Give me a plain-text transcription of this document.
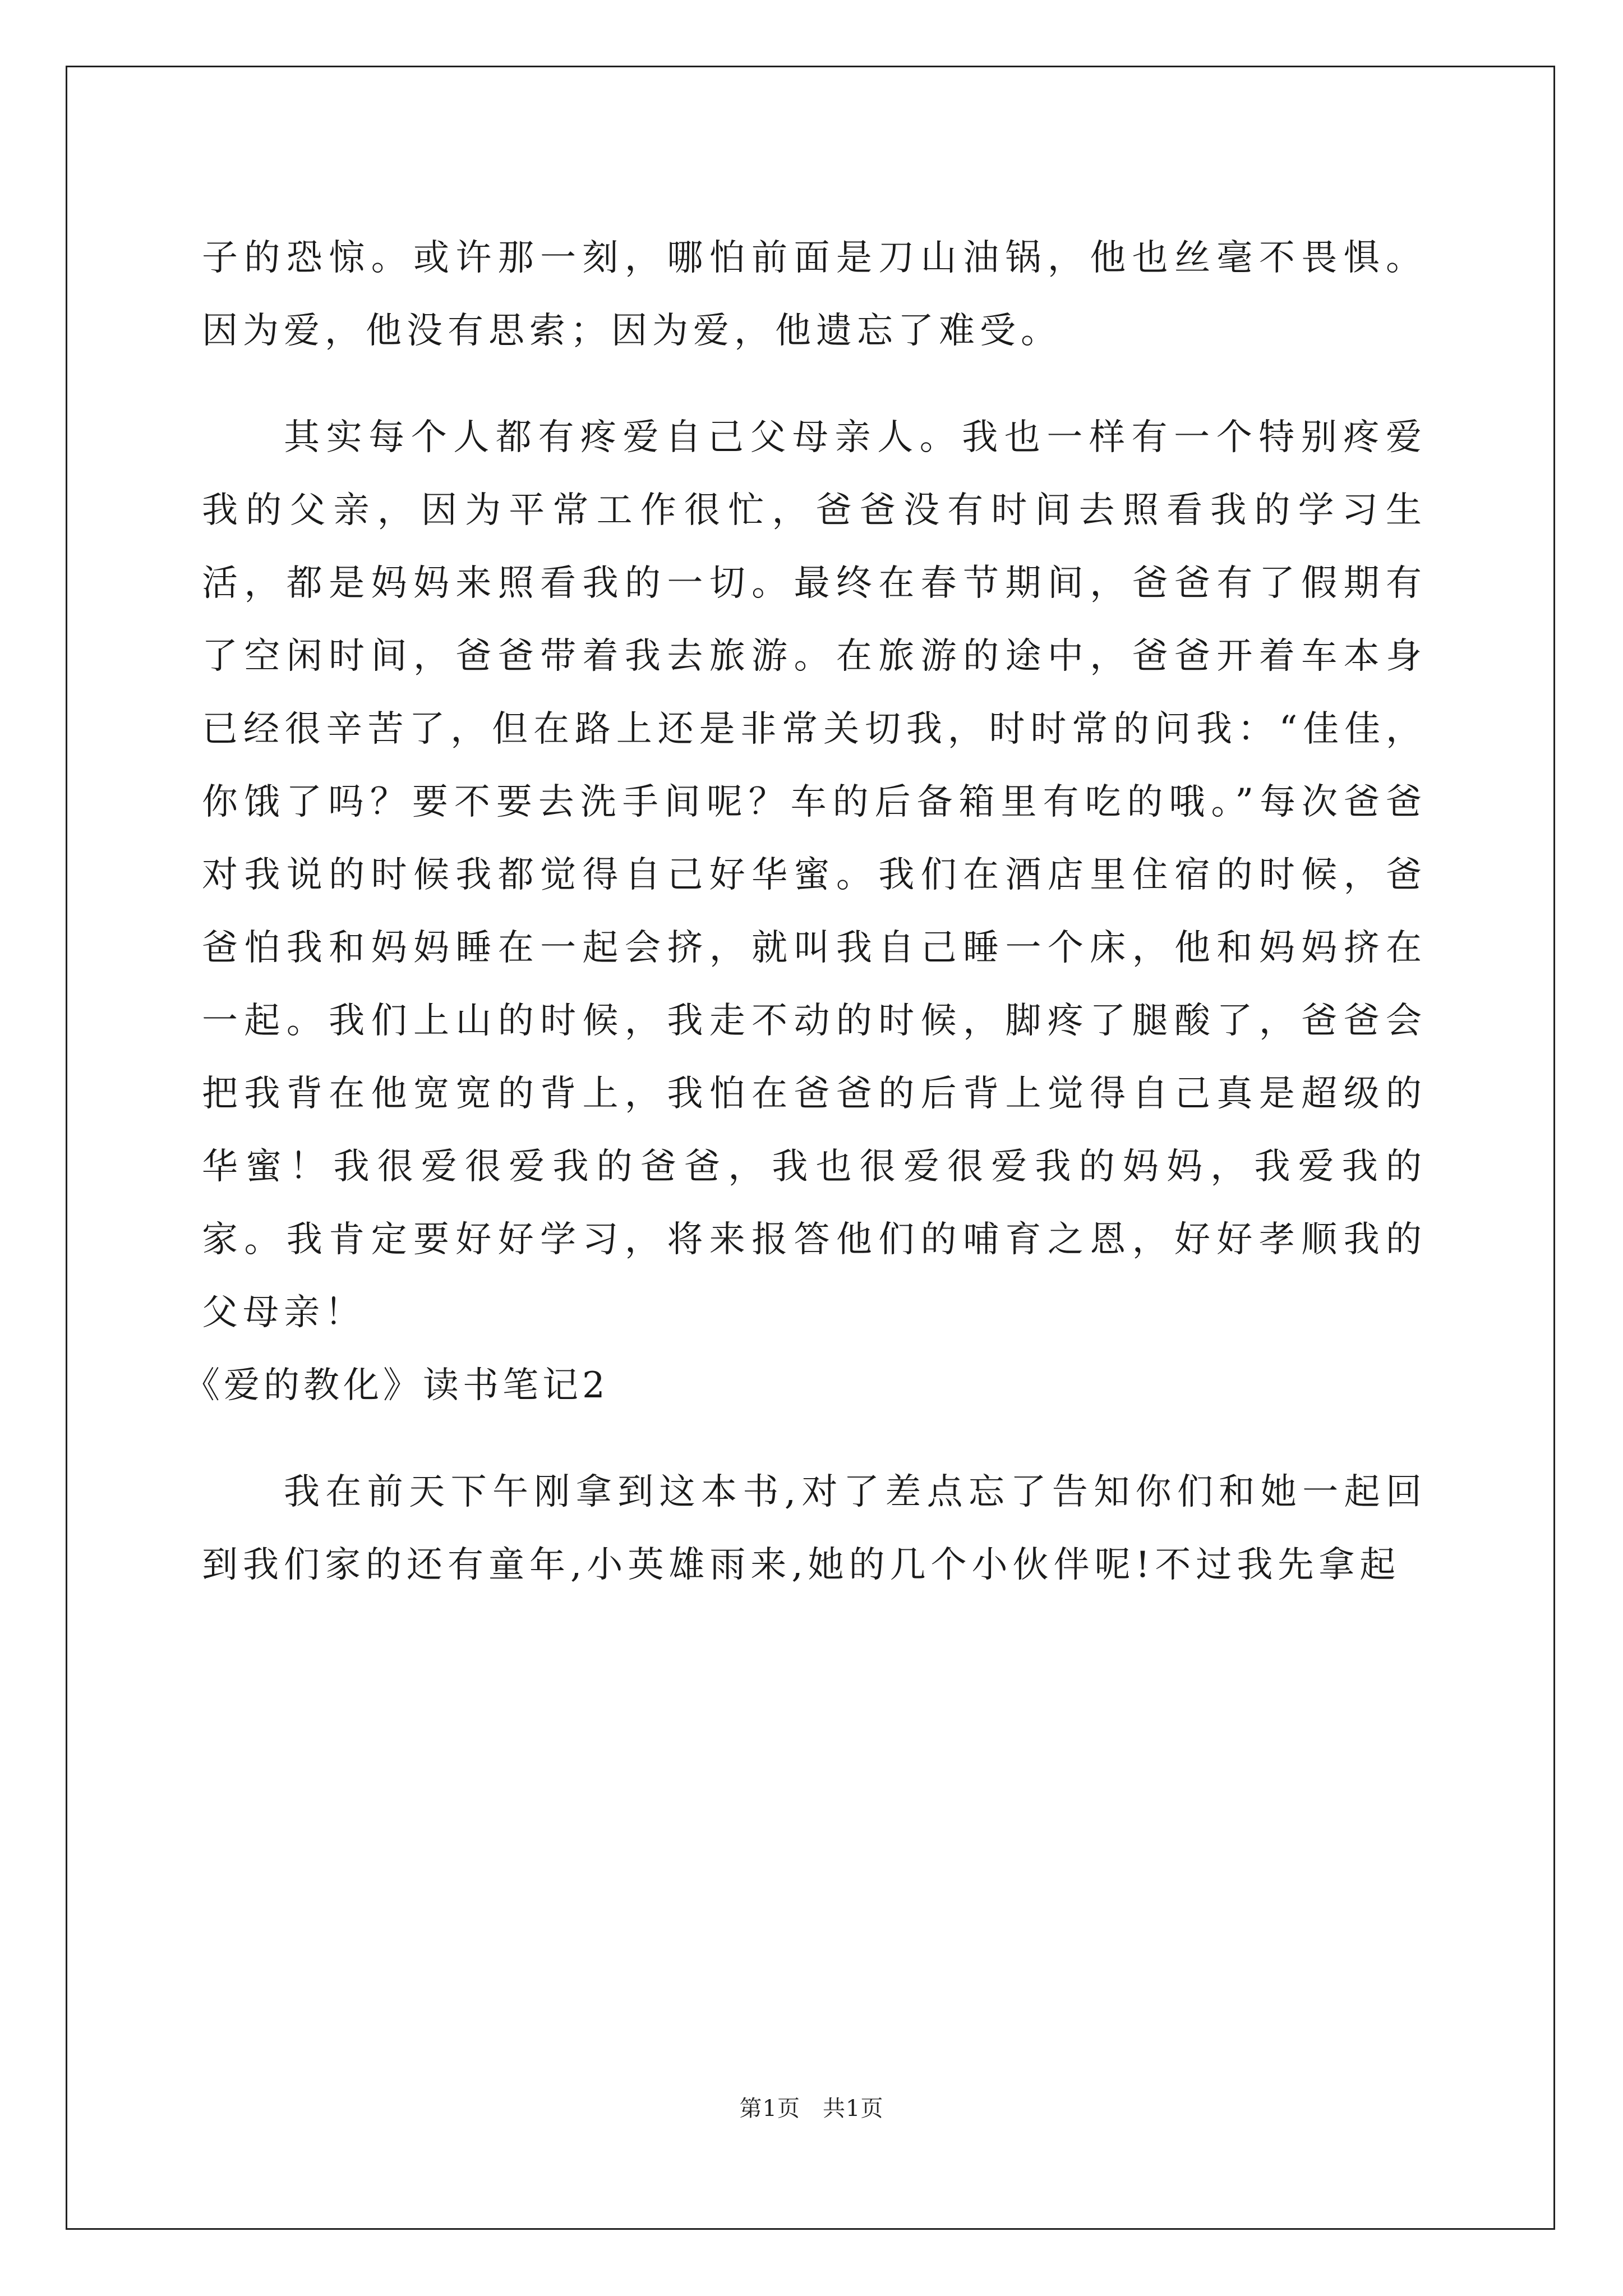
子的恐惊。或许那一刻，哪怕前面是刀山油锅，他也丝毫不畏惧。因为爱，他没有思索；因为爱，他遗忘了难受。

其实每个人都有疼爱自己父母亲人。我也一样有一个特别疼爱我的父亲，因为平常工作很忙，爸爸没有时间去照看我的学习生活，都是妈妈来照看我的一切。最终在春节期间，爸爸有了假期有了空闲时间，爸爸带着我去旅游。在旅游的途中，爸爸开着车本身已经很辛苦了，但在路上还是非常关切我，时时常的问我：“佳佳，你饿了吗？要不要去洗手间呢？车的后备箱里有吃的哦。”每次爸爸对我说的时候我都觉得自己好华蜜。我们在酒店里住宿的时候，爸爸怕我和妈妈睡在一起会挤，就叫我自己睡一个床，他和妈妈挤在一起。我们上山的时候，我走不动的时候，脚疼了腿酸了，爸爸会把我背在他宽宽的背上，我怕在爸爸的后背上觉得自己真是超级的华蜜！我很爱很爱我的爸爸，我也很爱很爱我的妈妈，我爱我的家。我肯定要好好学习，将来报答他们的哺育之恩，好好孝顺我的父母亲！

《爱的教化》读书笔记2

我在前天下午刚拿到这本书,对了差点忘了告知你们和她一起回到我们家的还有童年,小英雄雨来,她的几个小伙伴呢!不过我先拿起

第1页 共1页
